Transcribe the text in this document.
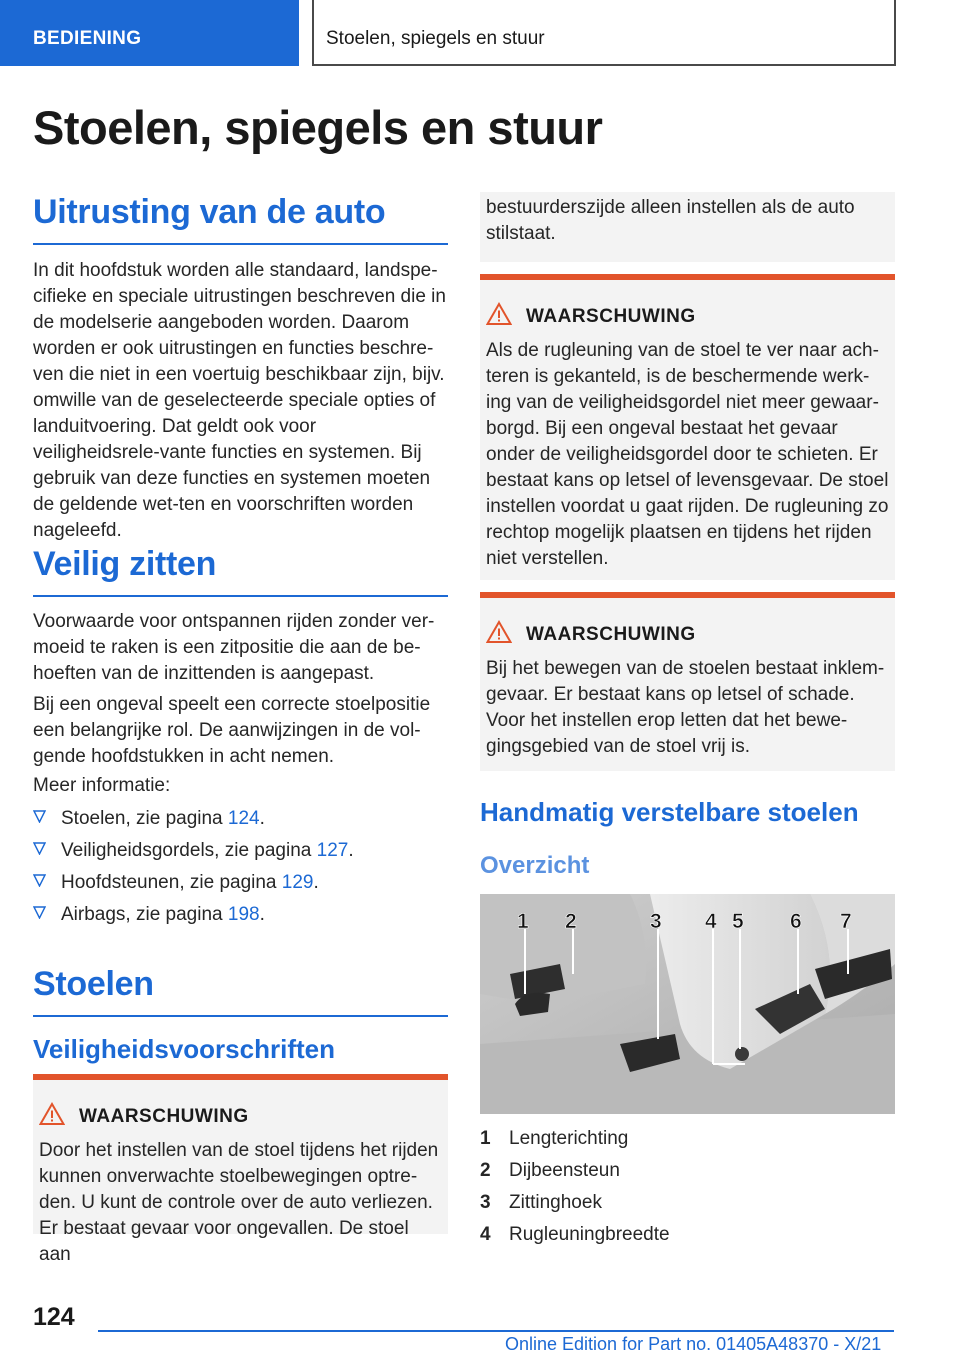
BEDIENING	Stoelen, spiegels en stuur
Stoelen, spiegels en stuur
Uitrusting van de auto
In dit hoofdstuk worden alle standaard, landspe-cifieke en speciale uitrustingen beschreven die in de modelserie aangeboden worden. Daarom worden er ook uitrustingen en functies beschre-ven die niet in een voertuig beschikbaar zijn, bijv. omwille van de geselecteerde speciale opties of landuitvoering. Dat geldt ook voor veiligheidsrele-vante functies en systemen. Bij gebruik van deze functies en systemen moeten de geldende wet-ten en voorschriften worden nageleefd.
Veilig zitten
Voorwaarde voor ontspannen rijden zonder ver-moeid te raken is een zitpositie die aan de be-hoeften van de inzittenden is aangepast.
Bij een ongeval speelt een correcte stoelpositie een belangrijke rol. De aanwijzingen in de vol-gende hoofdstukken in acht nemen.
Meer informatie:
Stoelen, zie pagina 124.
Veiligheidsgordels, zie pagina 127.
Hoofdsteunen, zie pagina 129.
Airbags, zie pagina 198.
Stoelen
Veiligheidsvoorschriften
WAARSCHUWING
Door het instellen van de stoel tijdens het rijden kunnen onverwachte stoelbewegingen optre-den. U kunt de controle over de auto verliezen. Er bestaat gevaar voor ongevallen. De stoel aan
bestuurderszijde alleen instellen als de auto stilstaat.
WAARSCHUWING
Als de rugleuning van de stoel te ver naar ach-teren is gekanteld, is de beschermende werk-ing van de veiligheidsgordel niet meer gewaar-borgd. Bij een ongeval bestaat het gevaar onder de veiligheidsgordel door te schieten. Er bestaat kans op letsel of levensgevaar. De stoel instellen voordat u gaat rijden. De rugleuning zo rechtop mogelijk plaatsen en tijdens het rijden niet verstellen.
WAARSCHUWING
Bij het bewegen van de stoelen bestaat inklem-gevaar. Er bestaat kans op letsel of schade. Voor het instellen erop letten dat het bewe-gingsgebied van de stoel vrij is.
Handmatig verstelbare stoelen
Overzicht
1 2	3 4 5 6 7
1 Lengterichting
2 Dijbeensteun
3 Zittinghoek
4 Rugleuningbreedte
124
Online Edition for Part no. 01405A48370 - X/21
